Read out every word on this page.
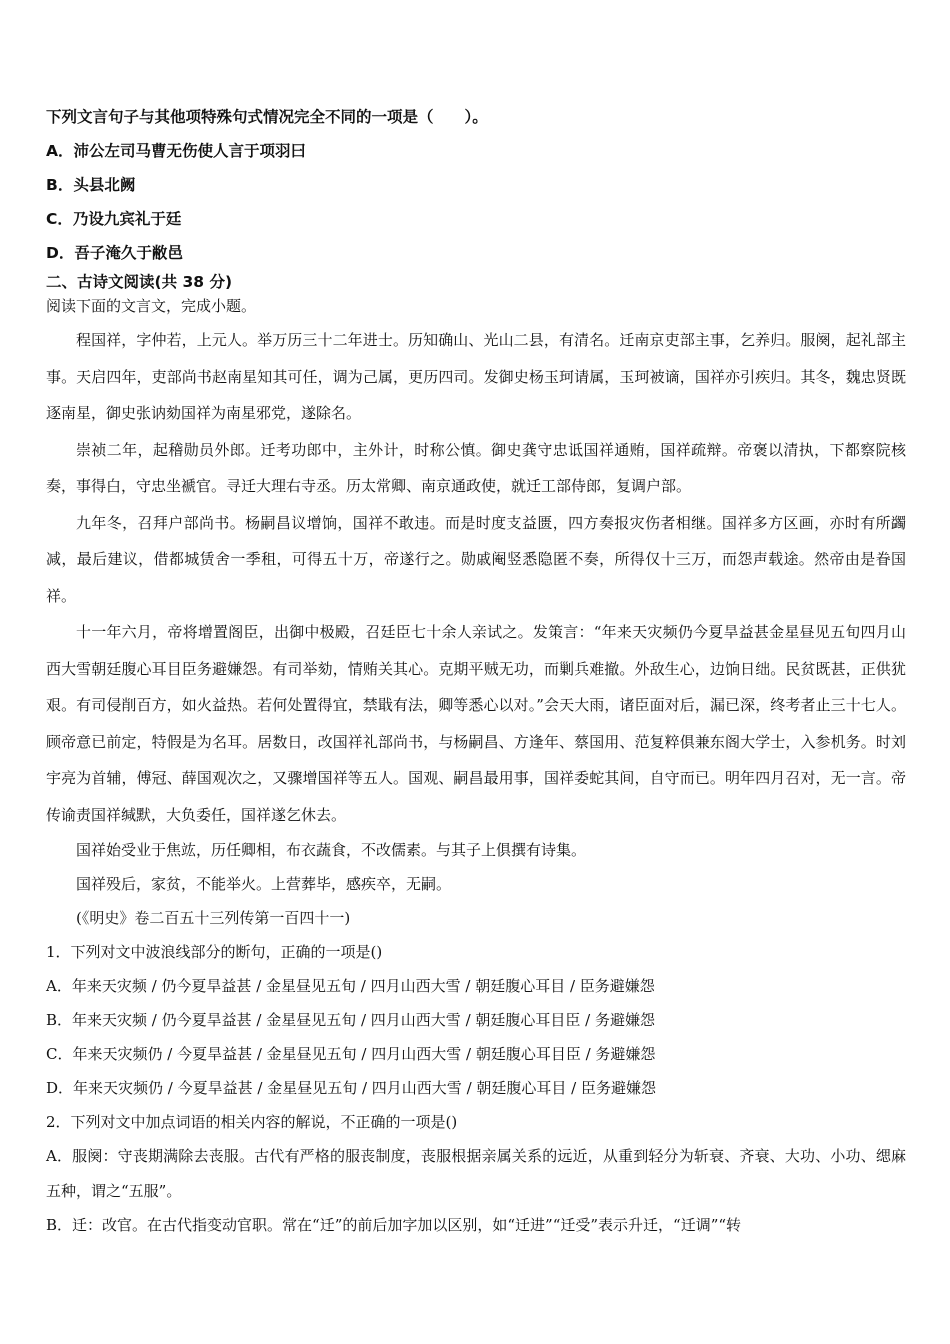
下列文言句子与其他项特殊句式情况完全不同的一项是（　　）。

A．沛公左司马曹无伤使人言于项羽曰

B．头县北阙

C．乃设九宾礼于廷

D．吾子淹久于敝邑

二、古诗文阅读(共 38 分)

阅读下面的文言文，完成小题。

程国祥，字仲若，上元人。举万历三十二年进士。历知确山、光山二县，有清名。迁南京吏部主事，乞养归。服阕，起礼部主事。天启四年，吏部尚书赵南星知其可任，调为己属，更历四司。发御史杨玉珂请属，玉珂被谪，国祥亦引疾归。其冬，魏忠贤既逐南星，御史张讷劾国祥为南星邪党，遂除名。

崇祯二年，起稽勋员外郎。迁考功郎中，主外计，时称公慎。御史龚守忠诋国祥通贿，国祥疏辩。帝褒以清执，下都察院核奏，事得白，守忠坐褫官。寻迁大理右寺丞。历太常卿、南京通政使，就迁工部侍郎，复调户部。

九年冬，召拜户部尚书。杨嗣昌议增饷，国祥不敢违。而是时度支益匮，四方奏报灾伤者相继。国祥多方区画，亦时有所蠲减，最后建议，借都城赁舍一季租，可得五十万，帝遂行之。勋戚阉竖悉隐匿不奏，所得仅十三万，而怨声载途。然帝由是眷国祥。

十一年六月，帝将增置阁臣，出御中极殿，召廷臣七十余人亲试之。发策言：“年来天灾频仍今夏旱益甚金星昼见五旬四月山西大雪朝廷腹心耳目臣务避嫌怨。有司举劾，情贿关其心。克期平贼无功，而剿兵难撤。外敌生心，边饷日绌。民贫既甚，正供犹艰。有司侵削百方，如火益热。若何处置得宜，禁戢有法，卿等悉心以对。”会天大雨，诸臣面对后，漏已深，终考者止三十七人。顾帝意已前定，特假是为名耳。居数日，改国祥礼部尚书，与杨嗣昌、方逢年、蔡国用、范复粹俱兼东阁大学士，入参机务。时刘宇亮为首辅，傅冠、薛国观次之，又骤增国祥等五人。国观、嗣昌最用事，国祥委蛇其间，自守而已。明年四月召对，无一言。帝传谕责国祥缄默，大负委任，国祥遂乞休去。

国祥始受业于焦竑，历任卿相，布衣蔬食，不改儒素。与其子上俱撰有诗集。

国祥殁后，家贫，不能举火。上营葬毕，感疾卒，无嗣。

(《明史》卷二百五十三列传第一百四十一)

1．下列对文中波浪线部分的断句，正确的一项是()

A．年来天灾频 / 仍今夏旱益甚 / 金星昼见五旬 / 四月山西大雪 / 朝廷腹心耳目 / 臣务避嫌怨

B．年来天灾频 / 仍今夏旱益甚 / 金星昼见五旬 / 四月山西大雪 / 朝廷腹心耳目臣 / 务避嫌怨

C．年来天灾频仍 / 今夏旱益甚 / 金星昼见五旬 / 四月山西大雪 / 朝廷腹心耳目臣 / 务避嫌怨

D．年来天灾频仍 / 今夏旱益甚 / 金星昼见五旬 / 四月山西大雪 / 朝廷腹心耳目 / 臣务避嫌怨

2．下列对文中加点词语的相关内容的解说，不正确的一项是()

A．服阕：守丧期满除去丧服。古代有严格的服丧制度，丧服根据亲属关系的远近，从重到轻分为斩衰、齐衰、大功、小功、缌麻五种，谓之“五服”。

B．迁：改官。在古代指变动官职。常在“迁”的前后加字加以区别，如“迁进”“迁受”表示升迁，“迁调”“转
